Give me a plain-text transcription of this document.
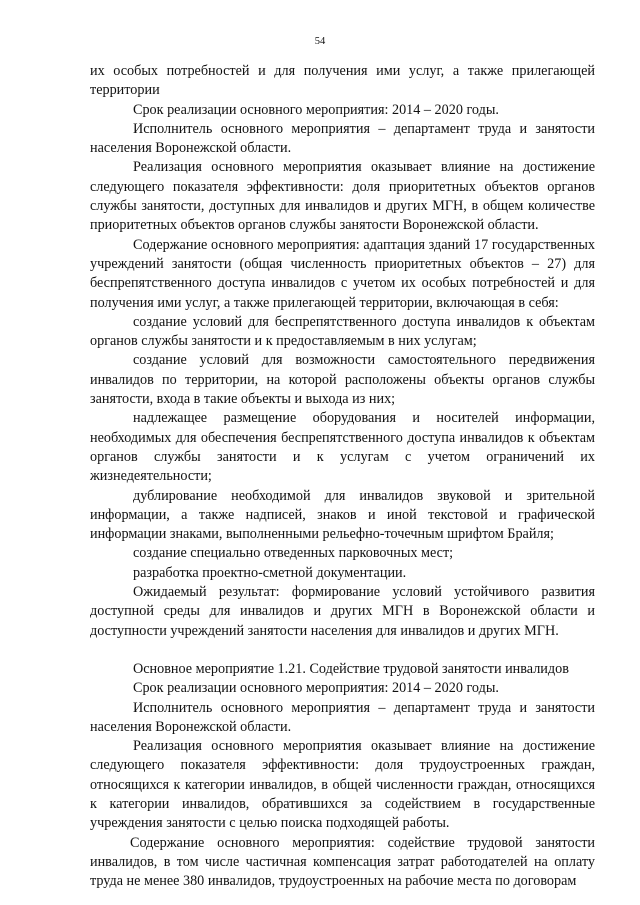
54

их особых потребностей и для получения ими услуг, а также прилегающей территории

Срок реализации основного мероприятия: 2014 – 2020 годы.

Исполнитель основного мероприятия – департамент труда и занятости населения Воронежской области.

Реализация основного мероприятия оказывает влияние на достижение следующего показателя эффективности: доля приоритетных объектов органов службы занятости, доступных для инвалидов и других МГН, в общем количестве приоритетных объектов органов службы занятости Воронежской области.

Содержание основного мероприятия: адаптация зданий 17 государственных учреждений занятости (общая численность приоритетных объектов – 27) для беспрепятственного доступа инвалидов с учетом их особых потребностей и для получения ими услуг, а также прилегающей территории, включающая в себя:

создание условий для беспрепятственного доступа инвалидов к объектам органов службы занятости и к предоставляемым в них услугам;

создание условий для возможности самостоятельного передвижения инвалидов по территории, на которой расположены объекты органов службы занятости, входа в такие объекты и выхода из них;

надлежащее размещение оборудования и носителей информации, необходимых для обеспечения беспрепятственного доступа инвалидов к объектам органов службы занятости и к услугам с учетом ограничений их жизнедеятельности;

дублирование необходимой для инвалидов звуковой и зрительной информации, а также надписей, знаков и иной текстовой и графической информации знаками, выполненными рельефно-точечным шрифтом Брайля;

создание специально отведенных парковочных мест;

разработка проектно-сметной документации.

Ожидаемый результат: формирование условий устойчивого развития доступной среды для инвалидов и других МГН в Воронежской области и доступности учреждений занятости населения для инвалидов и других МГН.

Основное мероприятие 1.21. Содействие трудовой занятости инвалидов

Срок реализации основного мероприятия: 2014 – 2020 годы.

Исполнитель основного мероприятия – департамент труда и занятости населения Воронежской области.

Реализация основного мероприятия оказывает влияние на достижение следующего показателя эффективности: доля трудоустроенных граждан, относящихся к категории инвалидов, в общей численности граждан, относящихся к категории инвалидов, обратившихся за содействием в государственные учреждения занятости с целью поиска подходящей работы.

Содержание основного мероприятия: содействие трудовой занятости инвалидов, в том числе частичная компенсация затрат работодателей на оплату труда не менее 380 инвалидов, трудоустроенных на рабочие места по договорам
